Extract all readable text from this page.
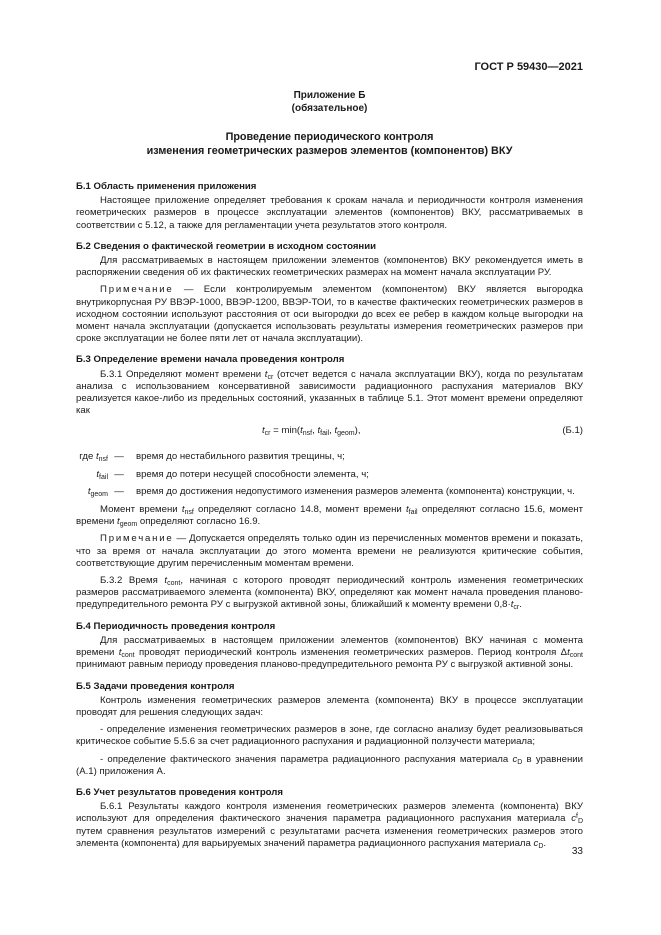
ГОСТ Р 59430—2021
Приложение Б
(обязательное)
Проведение периодического контроля
изменения геометрических размеров элементов (компонентов) ВКУ
Б.1 Область применения приложения

Настоящее приложение определяет требования к срокам начала и периодичности контроля изменения геометрических размеров в процессе эксплуатации элементов (компонентов) ВКУ, рассматриваемых в соответствии с 5.12, а также для регламентации учета результатов этого контроля.

Б.2 Сведения о фактической геометрии в исходном состоянии

Для рассматриваемых в настоящем приложении элементов (компонентов) ВКУ рекомендуется иметь в распоряжении сведения об их фактических геометрических размерах на момент начала эксплуатации РУ.

Примечание — Если контролируемым элементом (компонентом) ВКУ является выгородка внутрикорпусная РУ ВВЭР-1000, ВВЭР-1200, ВВЭР-ТОИ, то в качестве фактических геометрических размеров в исходном состоянии используют расстояния от оси выгородки до всех ее ребер в каждом кольце выгородки на момент начала эксплуатации (допускается использовать результаты измерения геометрических размеров при сроке эксплуатации не более пяти лет от начала эксплуатации).

Б.3 Определение времени начала проведения контроля

Б.3.1 Определяют момент времени $t_{cr}$ (отсчет ведется с начала эксплуатации ВКУ), когда по результатам анализа с использованием консервативной зависимости радиационного распухания материалов ВКУ реализуется какое-либо из предельных состояний, указанных в таблице 5.1. Этот момент времени определяют как

$t_{cr} = \min(t_{nsf}$, $t_{fail}$, $t_{geom}$),	(Б.1)
где $t_{nsf}$ —	время до нестабильного развития трещины, ч;
$t_{fail}$ —	время до потери несущей способности элемента, ч;
$t_{geom}$ —	время до достижения недопустимого изменения размеров элемента (компонента) конструкции, ч.

Момент времени $t_{nsf}$ определяют согласно 14.8, момент времени $t_{fail}$ определяют согласно 15.6, момент времени $t_{geom}$ определяют согласно 16.9.

Примечание — Допускается определять только один из перечисленных моментов времени и показать, что за время от начала эксплуатации до этого момента времени не реализуются критические события, соответствующие другим перечисленным моментам времени.

Б.3.2 Время $t_{cont}$, начиная с которого проводят периодический контроль изменения геометрических размеров рассматриваемого элемента (компонента) ВКУ, определяют как момент начала проведения планово-предупредительного ремонта РУ с выгрузкой активной зоны, ближайший к моменту времени $0,8\cdot t_{cr}$.

Б.4 Периодичность проведения контроля

Для рассматриваемых в настоящем приложении элементов (компонентов) ВКУ начиная с момента времени $t_{cont}$ проводят периодический контроль изменения геометрических размеров. Период контроля $\Delta t_{cont}$ принимают равным периоду проведения планово-предупредительного ремонта РУ с выгрузкой активной зоны.

Б.5 Задачи проведения контроля

Контроль изменения геометрических размеров элемента (компонента) ВКУ в процессе эксплуатации проводят для решения следующих задач:

- определение изменения геометрических размеров в зоне, где согласно анализу будет реализовываться критическое событие 5.5.6 за счет радиационного распухания и радиационной ползучести материала;

- определение фактического значения параметра радиационного распухания материала $c_D$ в уравнении (А.1) приложения А.

Б.6 Учет результатов проведения контроля

Б.6.1 Результаты каждого контроля изменения геометрических размеров элемента (компонента) ВКУ используют для определения фактического значения параметра радиационного распухания материала $c^f_D$ путем сравнения результатов измерений с результатами расчета изменения геометрических размеров этого элемента (компонента) для варьируемых значений параметра радиационного распухания материала $c_D$.

33
